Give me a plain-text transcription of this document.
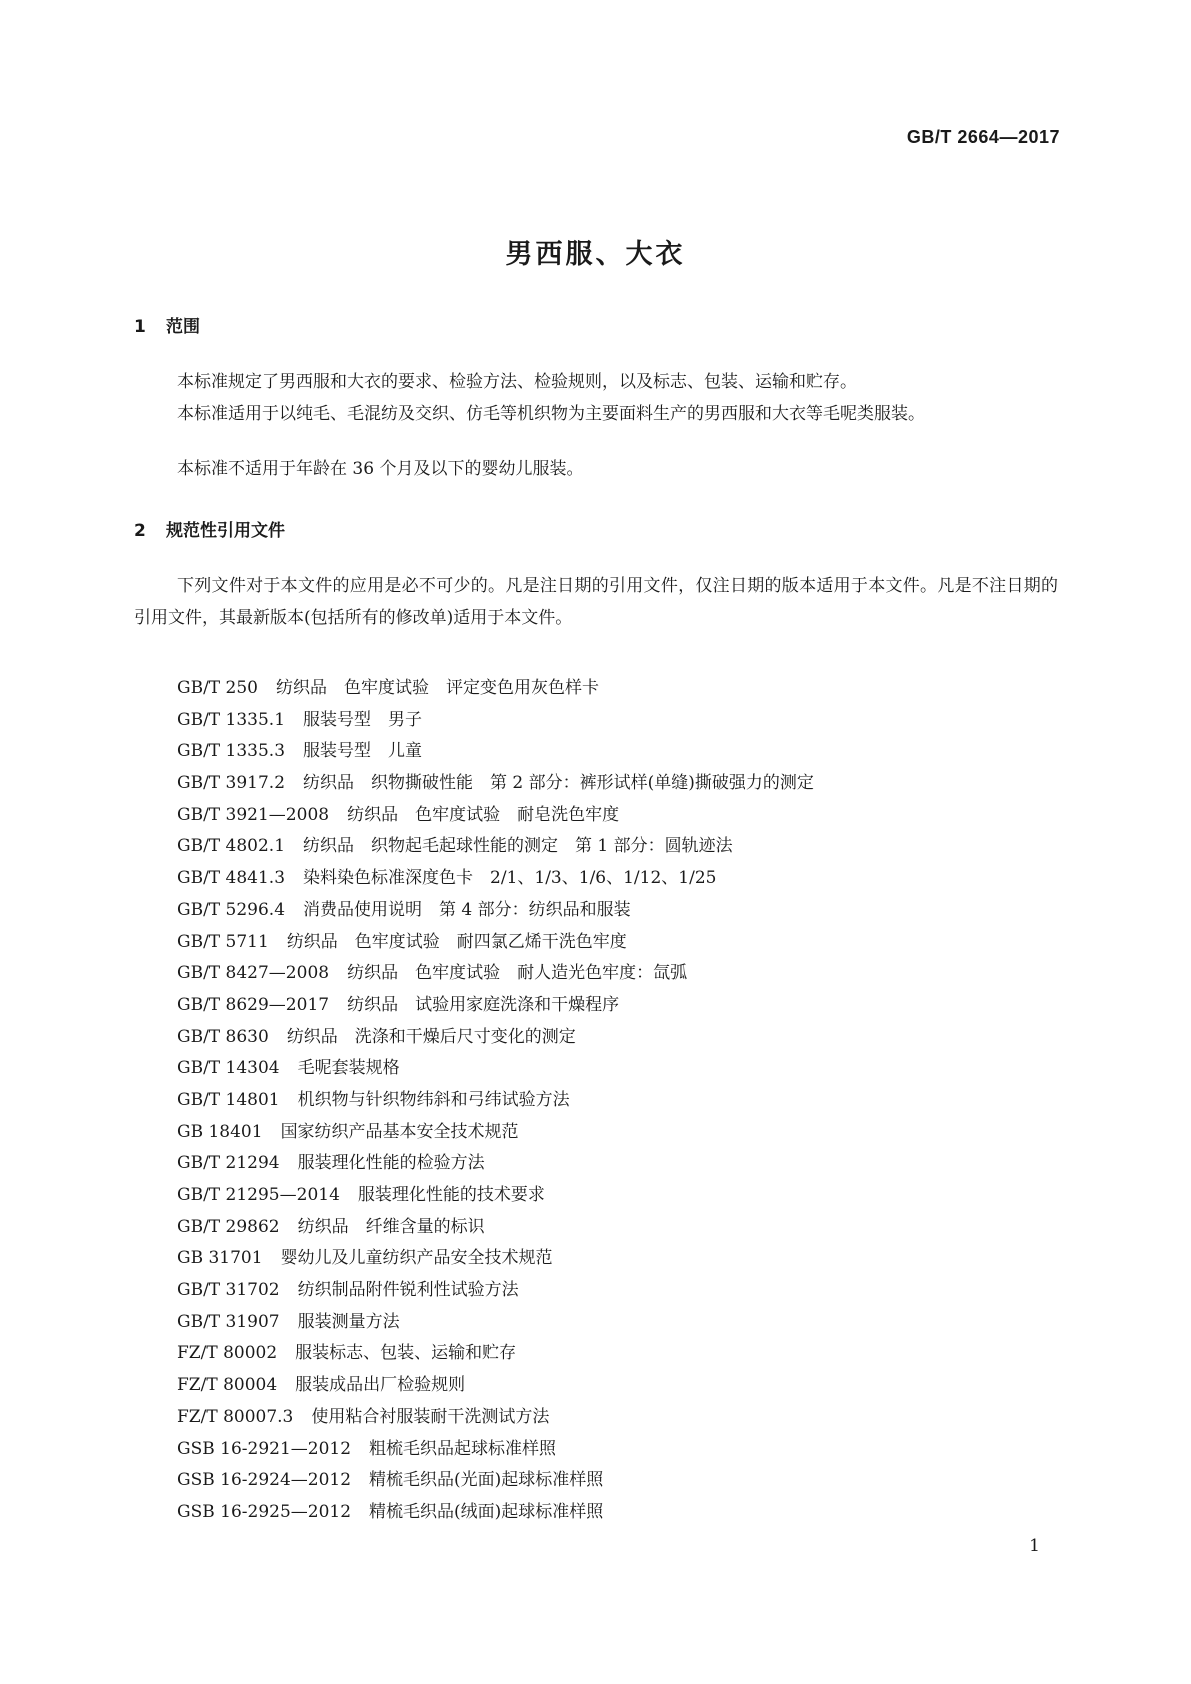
GB/T 2664—2017
男西服、大衣
1 范围
本标准规定了男西服和大衣的要求、检验方法、检验规则，以及标志、包装、运输和贮存。
本标准适用于以纯毛、毛混纺及交织、仿毛等机织物为主要面料生产的男西服和大衣等毛呢类服装。
本标准不适用于年龄在 36 个月及以下的婴幼儿服装。
2 规范性引用文件
下列文件对于本文件的应用是必不可少的。凡是注日期的引用文件，仅注日期的版本适用于本文件。凡是不注日期的引用文件，其最新版本(包括所有的修改单)适用于本文件。
GB/T 250 纺织品　色牢度试验　评定变色用灰色样卡
GB/T 1335.1 服装号型　男子
GB/T 1335.3 服装号型　儿童
GB/T 3917.2 纺织品　织物撕破性能　第 2 部分：裤形试样(单缝)撕破强力的测定
GB/T 3921—2008 纺织品　色牢度试验　耐皂洗色牢度
GB/T 4802.1 纺织品　织物起毛起球性能的测定　第 1 部分：圆轨迹法
GB/T 4841.3 染料染色标准深度色卡　2/1、1/3、1/6、1/12、1/25
GB/T 5296.4 消费品使用说明　第 4 部分：纺织品和服装
GB/T 5711 纺织品　色牢度试验　耐四氯乙烯干洗色牢度
GB/T 8427—2008 纺织品　色牢度试验　耐人造光色牢度：氙弧
GB/T 8629—2017 纺织品　试验用家庭洗涤和干燥程序
GB/T 8630 纺织品　洗涤和干燥后尺寸变化的测定
GB/T 14304 毛呢套装规格
GB/T 14801 机织物与针织物纬斜和弓纬试验方法
GB 18401 国家纺织产品基本安全技术规范
GB/T 21294 服装理化性能的检验方法
GB/T 21295—2014 服装理化性能的技术要求
GB/T 29862 纺织品　纤维含量的标识
GB 31701 婴幼儿及儿童纺织产品安全技术规范
GB/T 31702 纺织制品附件锐利性试验方法
GB/T 31907 服装测量方法
FZ/T 80002 服装标志、包装、运输和贮存
FZ/T 80004 服装成品出厂检验规则
FZ/T 80007.3 使用粘合衬服装耐干洗测试方法
GSB 16-2921—2012 粗梳毛织品起球标准样照
GSB 16-2924—2012 精梳毛织品(光面)起球标准样照
GSB 16-2925—2012 精梳毛织品(绒面)起球标准样照
1
